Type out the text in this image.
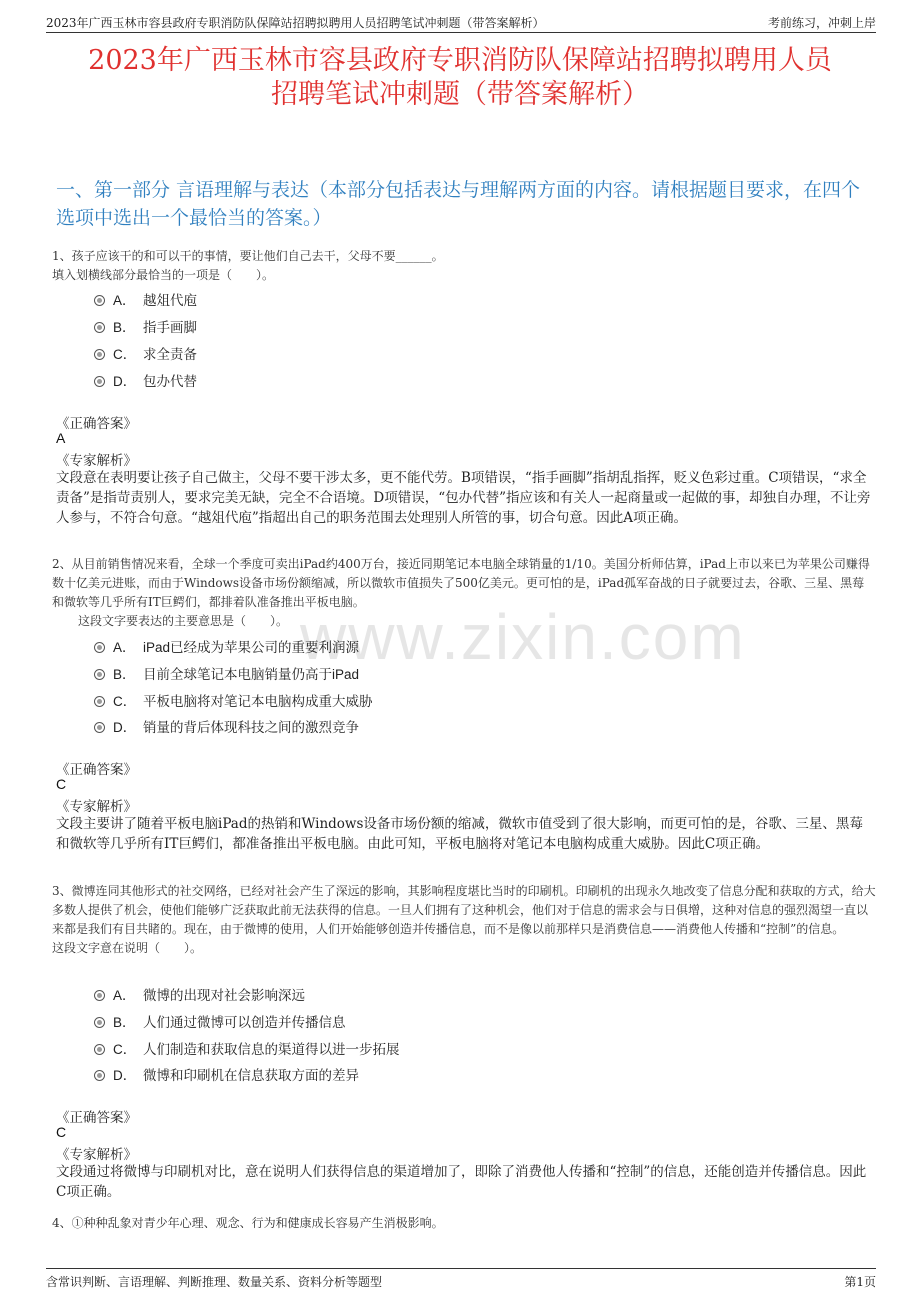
2023年广西玉林市容县政府专职消防队保障站招聘拟聘用人员招聘笔试冲刺题（带答案解析）	考前练习，冲刺上岸
2023年广西玉林市容县政府专职消防队保障站招聘拟聘用人员
招聘笔试冲刺题（带答案解析）
一、第一部分 言语理解与表达（本部分包括表达与理解两方面的内容。请根据题目要求，在四个选项中选出一个最恰当的答案。）
www.zixin.com

1、孩子应该干的和可以干的事情，要让他们自己去干，父母不要______。

填入划横线部分最恰当的一项是（　　）。

A． 越俎代庖
B． 指手画脚
C． 求全责备
D． 包办代替
《正确答案》
A
《专家解析》
文段意在表明要让孩子自己做主，父母不要干涉太多，更不能代劳。B项错误，“指手画脚”指胡乱指挥，贬义色彩过重。C项错误，“求全责备”是指苛责别人，要求完美无缺，完全不合语境。D项错误，“包办代替”指应该和有关人一起商量或一起做的事，却独自办理，不让旁人参与，不符合句意。“越俎代庖”指超出自己的职务范围去处理别人所管的事，切合句意。因此A项正确。

2、从目前销售情况来看，全球一个季度可卖出iPad约400万台，接近同期笔记本电脑全球销量的1/10。美国分析师估算，iPad上市以来已为苹果公司赚得数十亿美元进账，而由于Windows设备市场份额缩减，所以微软市值损失了500亿美元。更可怕的是，iPad孤军奋战的日子就要过去，谷歌、三星、黑莓和微软等几乎所有IT巨鳄们，都排着队准备推出平板电脑。

这段文字要表达的主要意思是（　　）。

A． iPad已经成为苹果公司的重要利润源
B． 目前全球笔记本电脑销量仍高于iPad
C． 平板电脑将对笔记本电脑构成重大威胁
D． 销量的背后体现科技之间的激烈竞争
《正确答案》
C
《专家解析》
文段主要讲了随着平板电脑iPad的热销和Windows设备市场份额的缩减，微软市值受到了很大影响，而更可怕的是，谷歌、三星、黑莓和微软等几乎所有IT巨鳄们，都准备推出平板电脑。由此可知，平板电脑将对笔记本电脑构成重大威胁。因此C项正确。

3、微博连同其他形式的社交网络，已经对社会产生了深远的影响，其影响程度堪比当时的印刷机。印刷机的出现永久地改变了信息分配和获取的方式，给大多数人提供了机会，使他们能够广泛获取此前无法获得的信息。一旦人们拥有了这种机会，他们对于信息的需求会与日俱增，这种对信息的强烈渴望一直以来都是我们有目共睹的。现在，由于微博的使用，人们开始能够创造并传播信息，而不是像以前那样只是消费信息——消费他人传播和“控制”的信息。

这段文字意在说明（　　）。

A． 微博的出现对社会影响深远
B． 人们通过微博可以创造并传播信息
C． 人们制造和获取信息的渠道得以进一步拓展
D． 微博和印刷机在信息获取方面的差异
《正确答案》
C
《专家解析》
文段通过将微博与印刷机对比，意在说明人们获得信息的渠道增加了，即除了消费他人传播和“控制”的信息，还能创造并传播信息。因此C项正确。

4、①种种乱象对青少年心理、观念、行为和健康成长容易产生消极影响。

含常识判断、言语理解、判断推理、数量关系、资料分析等题型	第1页
